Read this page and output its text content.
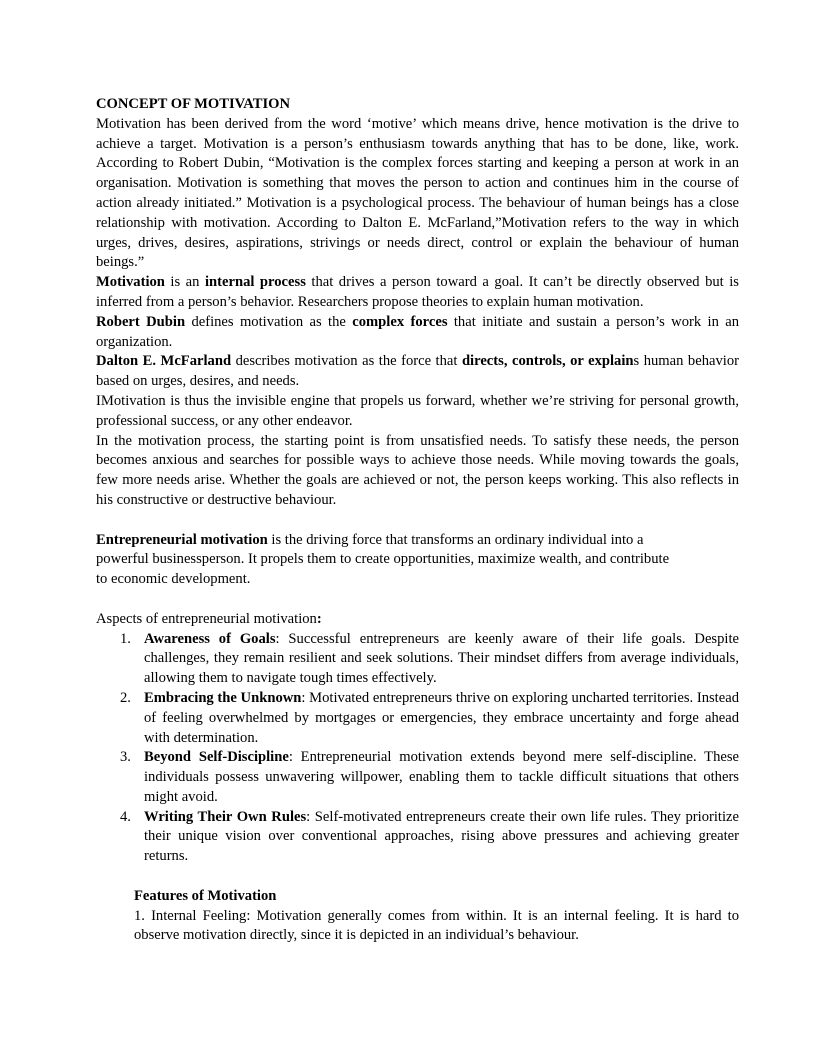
CONCEPT OF MOTIVATION

Motivation has been derived from the word ‘motive’ which means drive, hence motivation is the drive to achieve a target. Motivation is a person’s enthusiasm towards anything that has to be done, like, work. According to Robert Dubin, “Motivation is the complex forces starting and keeping a person at work in an organisation. Motivation is something that moves the person to action and continues him in the course of action already initiated.” Motivation is a psychological process. The behaviour of human beings has a close relationship with motivation. According to Dalton E. McFarland,”Motivation refers to the way in which urges, drives, desires, aspirations, strivings or needs direct, control or explain the behaviour of human beings.”

Motivation is an internal process that drives a person toward a goal. It can’t be directly observed but is inferred from a person’s behavior. Researchers propose theories to explain human motivation.

Robert Dubin defines motivation as the complex forces that initiate and sustain a person’s work in an organization.

Dalton E. McFarland describes motivation as the force that directs, controls, or explains human behavior based on urges, desires, and needs.

IMotivation is thus the invisible engine that propels us forward, whether we’re striving for personal growth, professional success, or any other endeavor.

In the motivation process, the starting point is from unsatisfied needs. To satisfy these needs, the person becomes anxious and searches for possible ways to achieve those needs. While moving towards the goals, few more needs arise. Whether the goals are achieved or not, the person keeps working. This also reflects in his constructive or destructive behaviour.

Entrepreneurial motivation is the driving force that transforms an ordinary individual into a
powerful businessperson. It propels them to create opportunities, maximize wealth, and contribute
to economic development.

Aspects of entrepreneurial motivation:

1. Awareness of Goals: Successful entrepreneurs are keenly aware of their life goals. Despite challenges, they remain resilient and seek solutions. Their mindset differs from average individuals, allowing them to navigate tough times effectively.
2. Embracing the Unknown: Motivated entrepreneurs thrive on exploring uncharted territories. Instead of feeling overwhelmed by mortgages or emergencies, they embrace uncertainty and forge ahead with determination.
3. Beyond Self-Discipline: Entrepreneurial motivation extends beyond mere self-discipline. These individuals possess unwavering willpower, enabling them to tackle difficult situations that others might avoid.
4. Writing Their Own Rules: Self-motivated entrepreneurs create their own life rules. They prioritize their unique vision over conventional approaches, rising above pressures and achieving greater returns.

Features of Motivation

1. Internal Feeling: Motivation generally comes from within. It is an internal feeling. It is hard to observe motivation directly, since it is depicted in an individual’s behaviour.
